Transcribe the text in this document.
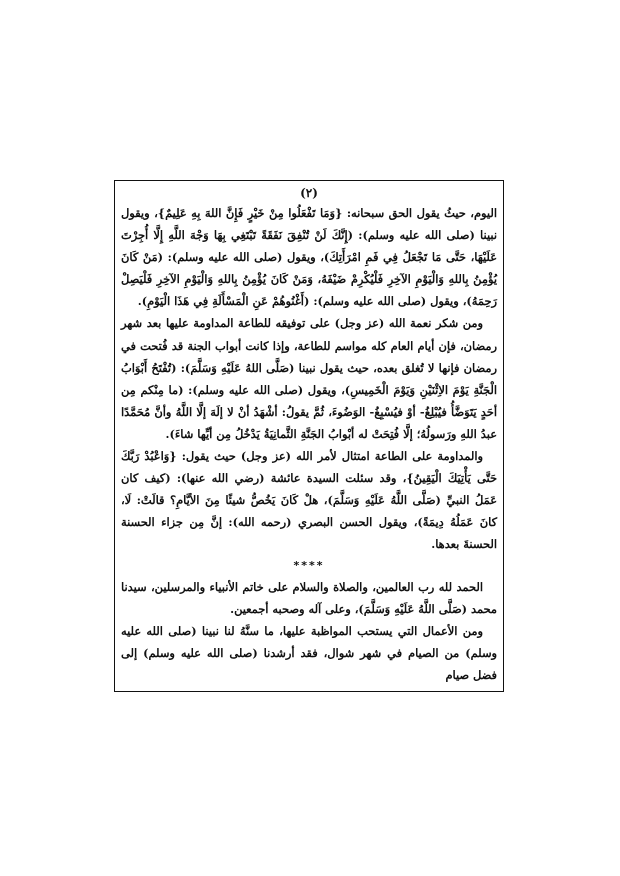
(٢)

اليوم، حيثُ يقول الحق سبحانه: {وَمَا تَفْعَلُوا مِنْ خَيْرٍ فَإِنَّ اللهَ بِهِ عَلِيمٌ}، ويقول نبينا (صلى الله عليه وسلم): (إِنَّكَ لَنْ تُنْفِقَ نَفَقَةً تَبْتَغِي بِهَا وَجْهَ اللَّهِ إِلَّا أُجِرْتَ عَلَيْهَا، حَتَّى مَا تَجْعَلُ فِي فَمِ امْرَأَتِكَ)، ويقول (صلى الله عليه وسلم): (مَنْ كَانَ يُؤْمِنُ بِاللهِ وَالْيَوْمِ الآخِرِ فَلْيُكْرِمْ ضَيْفَهُ، وَمَنْ كَانَ يُؤْمِنُ بِاللهِ وَالْيَوْمِ الآخِرِ فَلْيَصِلْ رَحِمَهُ)، ويقول (صلى الله عليه وسلم): (أَغْنُوهُمْ عَنِ الْمَسْأَلَةِ فِي هَذَا الْيَوْمِ).

ومن شكر نعمة الله (عز وجل) على توفيقه للطاعة المداومة عليها بعد شهر رمضان، فإن أيام العام كله مواسم للطاعة، وإذا كانت أبواب الجنة قد فُتحت في رمضان فإنها لا تُغلق بعده، حيث يقول نبينا (صَلَّى اللهُ عَلَيْهِ وَسَلَّمَ): (تُفْتَحُ أَبْوَابُ الْجَنَّةِ يَوْمَ الاِثْنَيْنِ وَيَوْمَ الْخَمِيسِ)، ويقول (صلى الله عليه وسلم): (ما مِنْكم مِن أحَدٍ يَتَوَضَّأُ فيُبْلِغُ- أوْ فيُسْبِغُ- الوَضُوءَ، ثُمَّ يقولُ: أشْهَدُ أنْ لا إلَهَ إلَّا اللَّهُ وأنَّ مُحَمَّدًا عبدُ اللهِ ورَسولُهُ؛ إلَّا فُتِحَتْ له أبْوابُ الجَنَّةِ الثَّمانِيَةُ يَدْخُلُ مِن أيِّها شاءَ).

والمداومة على الطاعة امتثال لأمر الله (عز وجل) حيث يقول: {وَاعْبُدْ رَبَّكَ حَتَّى يَأْتِيَكَ الْيَقِينُ}، وقد سئلت السيدة عائشة (رضي الله عنها): (كيف كان عَمَلُ النبيِّ (صَلَّى اللَّهُ عَلَيْهِ وَسَلَّمَ)، هلْ كَانَ يَخُصُّ شيئًا مِنَ الأيَّامِ؟ قالَتْ: لَا، كانَ عَمَلُهُ دِيمَةً)، ويقول الحسن البصري (رحمه الله): إنَّ مِن جزاء الحسنة الحسنةَ بعدها.

****

الحمد لله رب العالمين، والصلاة والسلام على خاتم الأنبياء والمرسلين، سيدنا محمد (صَلَّى اللَّهُ عَلَيْهِ وَسَلَّمَ)، وعلى آله وصحبه أجمعين.

ومن الأعمال التي يستحب المواظبة عليها، ما سنَّهُ لنا نبينا (صلى الله عليه وسلم) من الصيام في شهر شوال، فقد أرشدنا (صلى الله عليه وسلم) إلى فضل صيام
